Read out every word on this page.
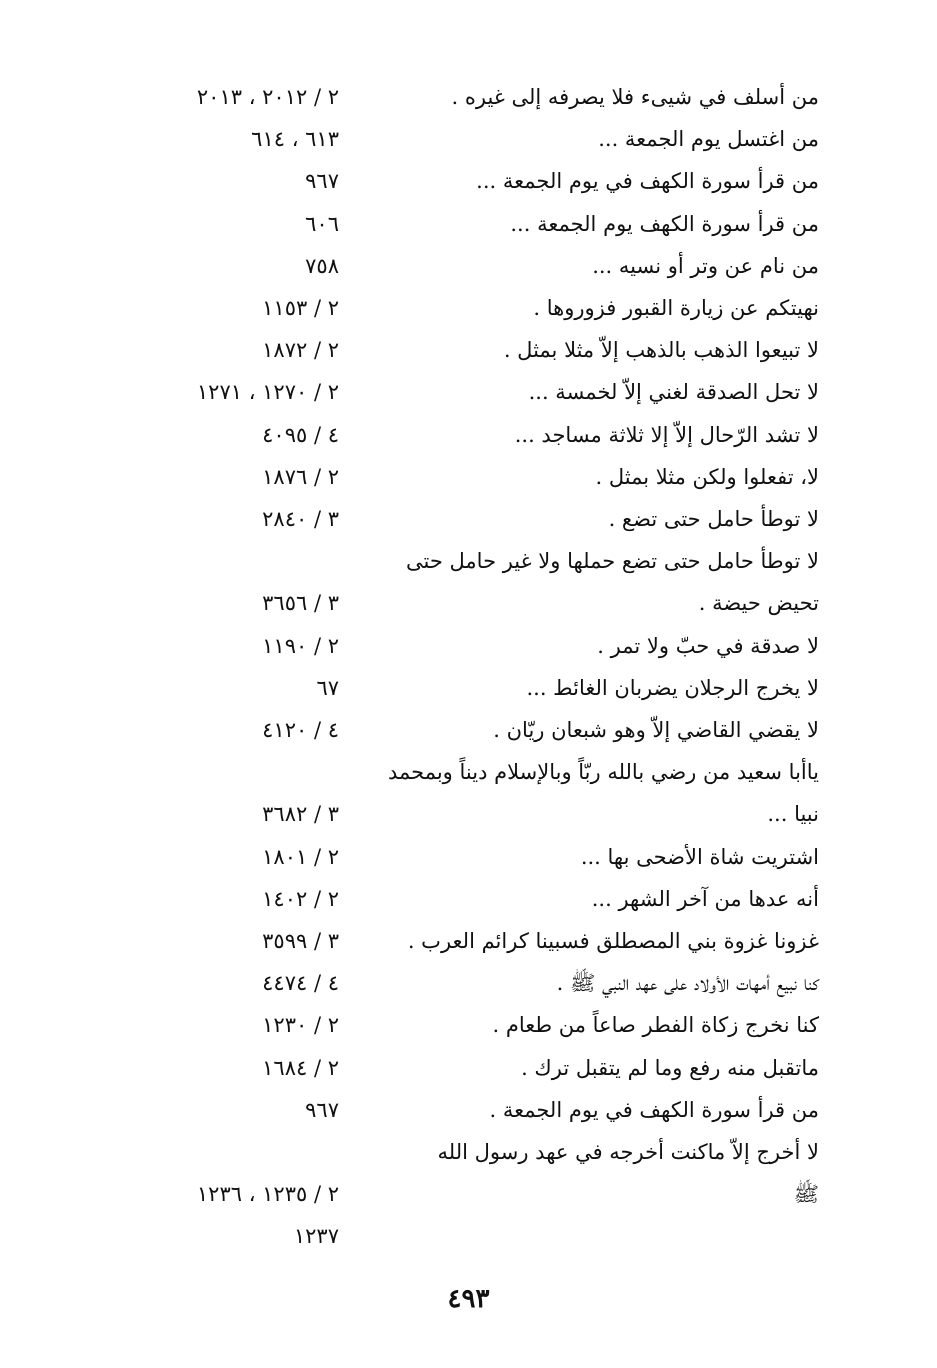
من أسلف في شيىء فلا يصرفه إلى غيره .
٢ / ٢٠١٢ ، ٢٠١٣
من اغتسل يوم الجمعة ...
٦١٣ ، ٦١٤
من قرأ سورة الكهف في يوم الجمعة ...
٩٦٧
من قرأ سورة الكهف يوم الجمعة ...
٦٠٦
من نام عن وتر أو نسيه ...
٧٥٨
نهيتكم عن زيارة القبور فزوروها .
٢ / ١١٥٣
لا تبيعوا الذهب بالذهب إلاّ مثلا بمثل .
٢ / ١٨٧٢
لا تحل الصدقة لغني إلاّ لخمسة ...
٢ / ١٢٧٠ ، ١٢٧١
لا تشد الرّحال إلاّ إلا ثلاثة مساجد ...
٤ / ٤٠٩٥
لا، تفعلوا ولكن مثلا بمثل .
٢ / ١٨٧٦
لا توطأ حامل حتى تضع .
٣ / ٢٨٤٠
لا توطأ حامل حتى تضع حملها ولا غير حامل حتى
تحيض حيضة .
٣ / ٣٦٥٦
لا صدقة في حبّ ولا تمر .
٢ / ١١٩٠
لا يخرج الرجلان يضربان الغائط ...
٦٧
لا يقضي القاضي إلاّ وهو شبعان ريّان .
٤ / ٤١٢٠
ياأبا سعيد من رضي بالله ربّاً وبالإسلام ديناً وبمحمد
نبيا ...
٣ / ٣٦٨٢
اشتريت شاة الأضحى بها ...
٢ / ١٨٠١
أنه عدها من آخر الشهر ...
٢ / ١٤٠٢
غزونا غزوة بني المصطلق فسبينا كرائم العرب .
٣ / ٣٥٩٩
كنا نبيع أمهات الأولاد على عهد النبي ﷺ .
٤ / ٤٤٧٤
كنا نخرج زكاة الفطر صاعاً من طعام .
٢ / ١٢٣٠
ماتقبل منه رفع وما لم يتقبل ترك .
٢ / ١٦٨٤
من قرأ سورة الكهف في يوم الجمعة .
٩٦٧
لا أخرج إلاّ ماكنت أخرجه في عهد رسول الله
ﷺ
٢ / ١٢٣٥ ، ١٢٣٦
١٢٣٧
٤٩٣
